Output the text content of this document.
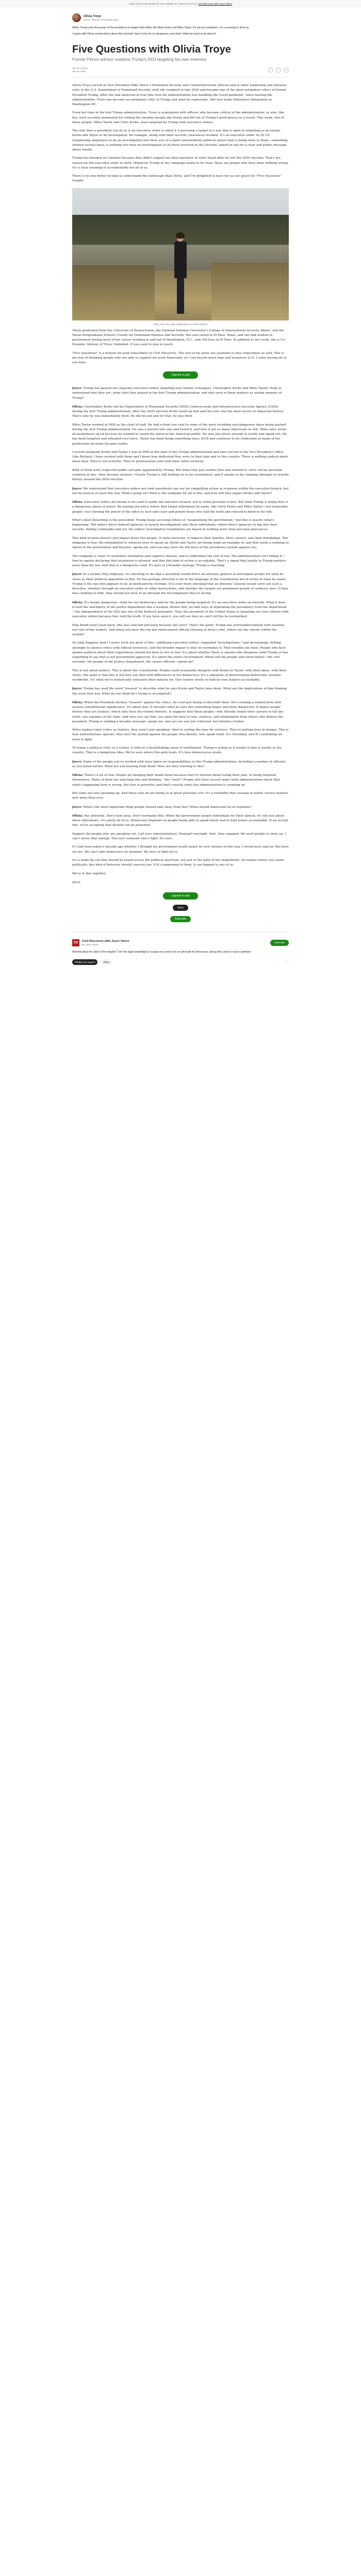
Olivia Troye's full Substack is now available at a special price from Civil Discourse with Joyce Vance
Olivia Troye
Jul 30 · Director of Civil Discourse

When Trump uses the power of the presidency to target truth-tellers like Mark Krebs and Miles Taylor, it's not just retaliation—it's a warning to all of us.

I spoke with Olivia several times about this moment. Here's why it's so dangerous, and what I think we need to do about it.

Five Questions with Olivia Troye
Former Pence advisor explains Trump's DOJ targeting his own enemies
JOYCE VANCE
JUL 30, 2025	♡	◌	↗

Olivia Troye served as Vice President Mike Pence's Homeland Security and Counterterrorism Advisor and in other leadership and advisory roles at the U.S. Department of Homeland Security until she resigned in late 2020 and became one of the most outspoken critics of former President Trump, after she had observed in real time how his administration was handling the Covid pandemic. Since leaving the administration, Troye has become an outspoken critic of Trump and what he represents. She now leads Enterprise Integration in Washington DC.

From her time in the first Trump administration, Troye is acquainted with officers who became critical of the administration, or who, like her, were recently nominated for vetting the enemies people like Krebs and fell out of Trump's good graces as a result. This week, two of those people, Miles Taylor and Chris Krebs, were targeted by Trump with executive orders.

The only time a president can do so is an executive order is when it is pursuing a target in a way that is open to targeting as an enemy. Krebs and Taylor to be investigated, for example, along with their security clearances revoked. It's an executive order. In 20 US telephoning employees to do an investigation into their acts of a quite extraordinary political nature that is being done to them—something without factual basis, is nothing less than an investigation of all those involved in the election, aimed to ask for a clear and public message about loyalty.

Trump has decided we enemies because they didn't support his false narrative of voter fraud after he lost the 2020 election. That's the reason for the executive order in 2025. Whatever Trump or his campaign wants to be clear, these are people who have done nothing wrong. It's a clear warning of accountability for all of us.

There is no one better to help us understand this landscape than Olivia, and I'm delighted to have her as our guest for "Five Questions" tonight.

Olivia Troye (by Hugo Rojas/Caleb Lee/Jesse Wilson)

Olivia graduated from the University of Pennsylvania, the National Defense University's College of International Security Affairs, and the Naval Postgraduate School's Center for Homeland Defense and Security. She was raised in El Paso, Texas, and she had worked in government during most of her career working in and out of Washington, D.C., and still lives in El Paso. In addition to her work, she is Co-Founder, Advisor of Troye Unlimited. If you want to stay in touch:

"Five Questions" is a feature for paid subscribers to Civil Discourse. The rest of my posts are available to free subscribers as well. This is my way of thanking people who are able to support my work financially, so I can devote more time and resources to it. I value having all of you here.

Upgrade to paid

Joyce: Trump has passed two separate executive orders targeting your former colleagues, Christopher Krebs and Miles Taylor. Help us understand who they are, what roles they played in the first Trump administration, and why each of these matters as seeing enemies of Trump?

Olivia: Christopher Krebs led the Department of Homeland Security (DHS) Cybersecurity and Infrastructure Security Agency (CISA) during the first Trump administration. After the 2020 election Krebs stood up and said the vote was the most secure in American history. That's why he was immediately fired. He did his job and for that, he was fired.

Miles Taylor worked at DHS as the chief of staff. He had a front row seat to some of the most troubling and dangerous ideas being pushed during the first Trump administration. He was a person who saw and heard it, and how it put so many Americans at risk. Miles later wrote an anonymous op-ed because he wanted to sound the alarm to the American public. He was also brave enough to testify and speak out. He has been targeted and attacked ever since. Taylor has been doing something since 2018 and continues to be vindicated as many of the predictions he made became reality.

I served alongside Krebs and Taylor, I was at DHS at the start of the Trump administration and later served in the Vice President's office. Like Richard, I have worked with them and I know how dedicated they were to their jobs and to this country. There is nothing radical about these men. They're not activists. They're professionals who took their oaths seriously.

Both of them were respected public servants appointed by Trump. But when they put country first and refused to carry out his personal vendetta or lies—they became enemies. Clearly Trump is still holding on to his resentment, and it speaks to the ongoing attempts to rewrite history around the 2020 election.

Joyce: We understand that executive orders are tools presidents can use for compelling action or response within the executive branch, but not focused in at least this way. What's going on? What is the endgame for all of this, and how will they impact Krebs and Taylor?

Olivia: Executive orders are meant to be used to guide the executive branch, not to settle personal scores. But what Trump is doing here is a dangerous abuse of power. By issuing executive orders that target individuals by name, like Chris Krebs and Miles Taylor—two honorable people—he's turning the power of the office to hurt and scare and punish those who told the truth and refused to bend to his will.

What's most disturbing is the precedent. Trump keeps accusing others of "weaponizing the government," but this is exactly what's happening. The orders direct federal agencies to launch investigations into these individuals; orders direct agencies to dig into their records, finding criminality and yet, the orders' investigative foundations are based on nothing more than personal grievances.

This kind of move doesn't just impact these two people. It chills everyone. It impacts their families, their careers, and their friendships. The endgame is fear, the intimidation to whoever tries to speak up. Krebs and Taylor are being made an example of, and that sends a warning to others in the government and beyond—speak out, and you may have the full force of the presidency turned against you.

The endgame is clear: to normalize retaliation and suppress dissent, and to undermine the rule of law. The administration isn't hiding it—they're openly declaring that retaliation is allowed, and that this kind of action is acceptable. That's a signal that loyalty to Trump matters more than the law. And that is a dangerous road. It's part of a broader strategy. Trump is reaching.

Joyce: In a former DOJ employee, it's shocking to me that a president would direct an attorney general to investigate people for what he views as their political opposition to him. He has perhaps directed it not in the language of the Constitution but in terms of what he wants. Trump is the one who appears to be so motivated by revenge. It is even more shocking that an Attorney General would carry out such a directive, whether through an executive order or other instructions, and whether the targets are prominent people or ordinary ones. If they have nothing to hide, they should not have to go through the investigations they're facing.

Olivia: It's deeply dangerous—both for our democracy and for the people being targeted. It's an executive order on steroids. What it does is turn the machinery of the justice department into a weapon. Before this, we had ways of separating the presidency from the department—the independence of the DOJ was one of the bedrock principles. Now, the president of the United States is targeting our own citizens with executive orders because they told the truth. If you have seen it, you will see how we can't let this be normalized.

Pam Bondi won't push back. She was selected precisely because she won't. That's the point. Trump has surrounded himself with loyalists, not rule-of-law leaders. And when you have the top law enforcement official refusing to draw a line, where are the checks within the system?

So what happens next? I worry we'll see more of this—additional executive orders, expanded "investigations," and increasingly chilling attempts to silence critics with federal resources, and the broader impact is that we normalize it. That troubles me most. People who have spoken publicly about their experiences should not have to live in fear. It's about whether there is anyone who disagrees with Trump or has something to say that is not government-approved. It's about the entire environment. When will the people who know better—the civil servants, the people in the Justice Department, the career officials—speak up?

This is not about politics. This is about the Constitution. People could reasonably disagree with Krebs or Taylor, with their ideas, with their views. The point is that this is not how you deal with differences in our democracy. It's a signature of deteriorating democratic systems worldwide. It's what we've historically criticized other nations for. Our country needs to hold its own leaders accountable.

Joyce: Trump has used the word "treason" to describe what he says Krebs and Taylor have done. What are the implications of him framing the issue that way. What do you think he's trying to accomplish?

Olivia: When the President invokes "treason" against his critics, he's not just trying to discredit them. He's sending a loaded term with serious constitutional significance. It's about fear. It elevates what he says into something larger and more dangerous. It makes people believe they are traitors, which only fuels the violent rhetoric. It suggests that these people—who literally risked their careers to tell the truth—are enemies of the state. And once you say that, you open the door to fear, violence, and intimidation from others who believe the president. Trump is sending a broader message: speak out, and you are not just criticized, but labeled a traitor.

When leaders label critics as traitors, they aren't just speaking—they're setting the tone for violence. They're putting lives in danger. This is how authoritarians operate: they turn the system against the people who dissent, who speak truth. It's Orwellian, and it's something we need to fight.

To frame a political critic as a traitor, it reflects a breathtaking sense of entitlement. Trump is acting as if loyalty to him is loyalty to the country. That is a dangerous idea. We've seen where this path leads. It's how democracies erode.

Joyce: Some of the people you've worked with have taken on responsibilities in this Trump administration, including a number of officials, as you noted earlier. What are you hearing from them? How are they reacting to this?

Olivia: There's a lot of fear. People are keeping their heads down because they're worried about losing their jobs, or being targeted themselves. Many of them are watching this and thinking, "Am I next?" People who have served under both administrations know that what's happening here is wrong. But fear is powerful, and that's exactly what this administration is counting on.

But some are also speaking up. And those who do are doing so at great personal cost. It's a reminder that courage in public service matters now more than ever.

Joyce: What's the most important thing people should take away from this? What should Americans do in response?

Olivia: Pay attention. Don't look away. Don't normalize this. When the government targets individuals for their speech, it's not just about those individuals—it's about all of us. Democracy depends on people being able to speak freely and to hold power accountable. If we accept this, we're accepting that dissent can be punished.

Support the people who are speaking out. Call your representatives. Demand oversight. Vote. Stay engaged. We need people to show up. I can't stress that enough. This isn't someone else's fight. It's ours.

If I had been asked a decade ago whether I thought my government would target its own citizens in this way, I would have said no. But here we are. We can't take democracy for granted. We have to fight for it.

It's a wake-up call that should be heard across the political spectrum, not just in the halls of the department. No matter where you stand politically, this kind of behavior should concern you. If it's happening to them, it can happen to any of us.

We're in this together,

Joyce

Upgrade to paid
Share
Subscribe
CD	Civil Discourse with Joyce Vance
By Joyce Vance
Subscribe
Worried about the state of the republic? Join the legal knowledge & courage you need to be an advocate for democracy, along with a dose of savvy optimism.
Pledge your support	Share	⋯
